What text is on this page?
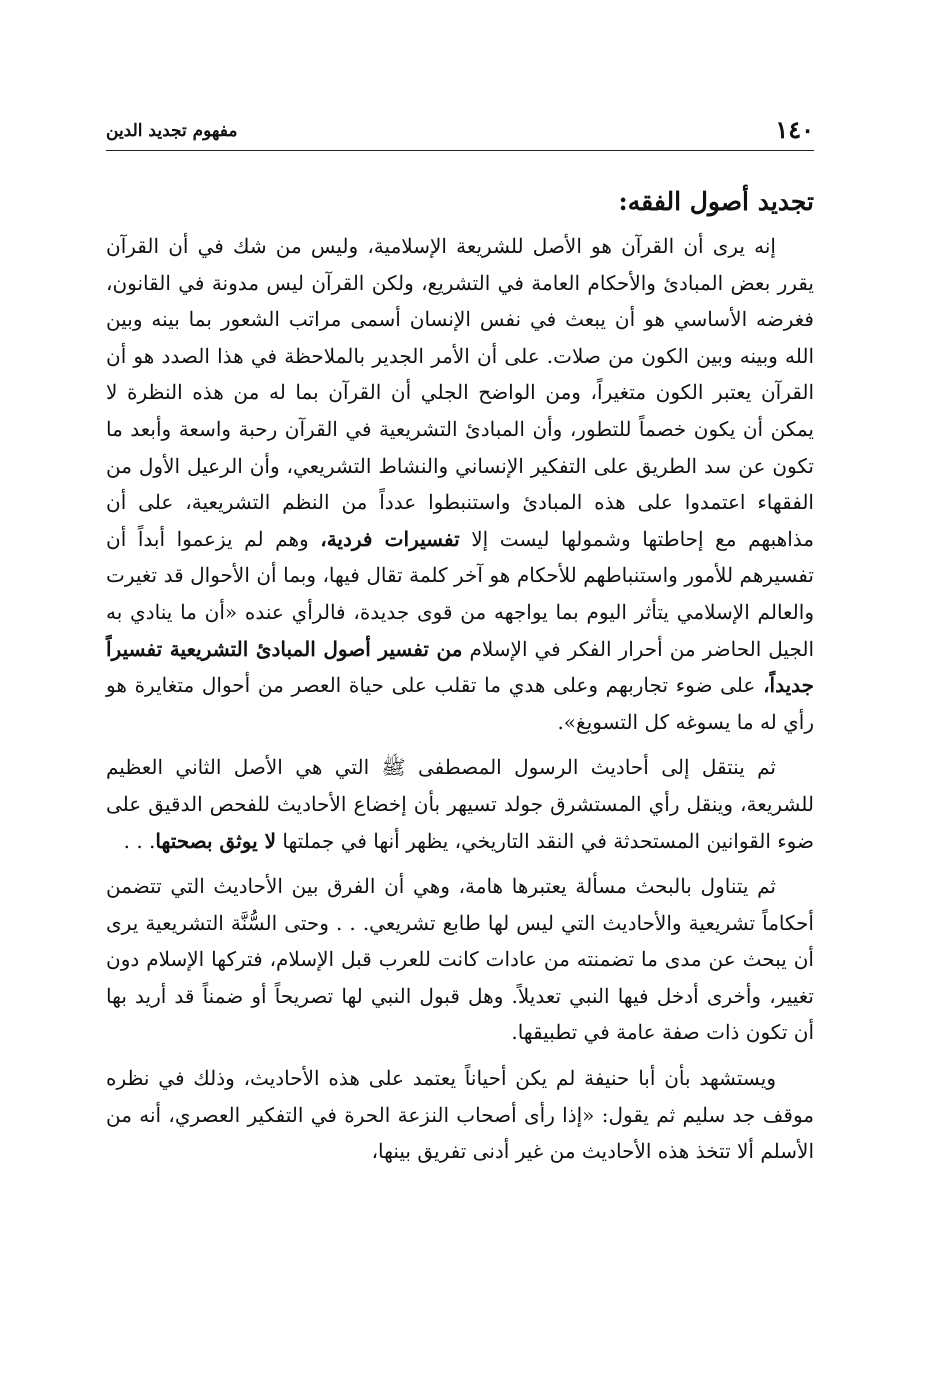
١٤٠
مفهوم تجديد الدين
تجديد أصول الفقه:

إنه يرى أن القرآن هو الأصل للشريعة الإسلامية، وليس من شك في أن القرآن يقرر بعض المبادئ والأحكام العامة في التشريع، ولكن القرآن ليس مدونة في القانون، فغرضه الأساسي هو أن يبعث في نفس الإنسان أسمى مراتب الشعور بما بينه وبين الله وبينه وبين الكون من صلات. على أن الأمر الجدير بالملاحظة في هذا الصدد هو أن القرآن يعتبر الكون متغيراً، ومن الواضح الجلي أن القرآن بما له من هذه النظرة لا يمكن أن يكون خصماً للتطور، وأن المبادئ التشريعية في القرآن رحبة واسعة وأبعد ما تكون عن سد الطريق على التفكير الإنساني والنشاط التشريعي، وأن الرعيل الأول من الفقهاء اعتمدوا على هذه المبادئ واستنبطوا عدداً من النظم التشريعية، على أن مذاهبهم مع إحاطتها وشمولها ليست إلا تفسيرات فردية، وهم لم يزعموا أبداً أن تفسيرهم للأمور واستنباطهم للأحكام هو آخر كلمة تقال فيها، وبما أن الأحوال قد تغيرت والعالم الإسلامي يتأثر اليوم بما يواجهه من قوى جديدة، فالرأي عنده «أن ما ينادي به الجيل الحاضر من أحرار الفكر في الإسلام من تفسير أصول المبادئ التشريعية تفسيراً جديداً، على ضوء تجاربهم وعلى هدي ما تقلب على حياة العصر من أحوال متغايرة هو رأي له ما يسوغه كل التسويغ».

ثم ينتقل إلى أحاديث الرسول المصطفى ﷺ التي هي الأصل الثاني العظيم للشريعة، وينقل رأي المستشرق جولد تسيهر بأن إخضاع الأحاديث للفحص الدقيق على ضوء القوانين المستحدثة في النقد التاريخي، يظهر أنها في جملتها لا يوثق بصحتها. . .

ثم يتناول بالبحث مسألة يعتبرها هامة، وهي أن الفرق بين الأحاديث التي تتضمن أحكاماً تشريعية والأحاديث التي ليس لها طابع تشريعي. . . وحتى السُّنَّة التشريعية يرى أن يبحث عن مدى ما تضمنته من عادات كانت للعرب قبل الإسلام، فتركها الإسلام دون تغيير، وأخرى أدخل فيها النبي تعديلاً. وهل قبول النبي لها تصريحاً أو ضمناً قد أريد بها أن تكون ذات صفة عامة في تطبيقها.

ويستشهد بأن أبا حنيفة لم يكن أحياناً يعتمد على هذه الأحاديث، وذلك في نظره موقف جد سليم ثم يقول: «إذا رأى أصحاب النزعة الحرة في التفكير العصري، أنه من الأسلم ألا تتخذ هذه الأحاديث من غير أدنى تفريق بينها،
